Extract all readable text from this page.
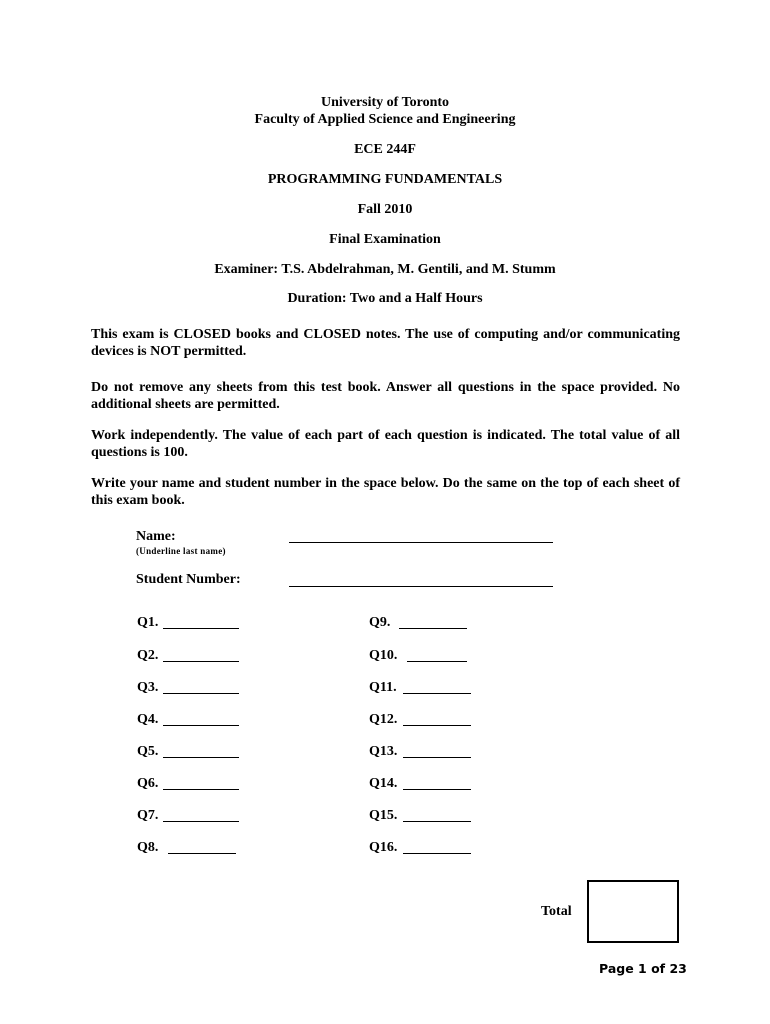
University of Toronto
Faculty of Applied Science and Engineering
ECE 244F
PROGRAMMING FUNDAMENTALS
Fall 2010
Final Examination
Examiner: T.S. Abdelrahman, M. Gentili, and M. Stumm
Duration: Two and a Half Hours
This exam is CLOSED books and CLOSED notes. The use of computing and/or communicating devices is NOT permitted.
Do not remove any sheets from this test book. Answer all questions in the space provided. No additional sheets are permitted.
Work independently. The value of each part of each question is indicated. The total value of all questions is 100.
Write your name and student number in the space below. Do the same on the top of each sheet of this exam book.
Name:
(Underline last name)
Student Number:
Q1.
Q2.
Q3.
Q4.
Q5.
Q6.
Q7.
Q8.
Q9.
Q10.
Q11.
Q12.
Q13.
Q14.
Q15.
Q16.
Total
Page 1 of 23
